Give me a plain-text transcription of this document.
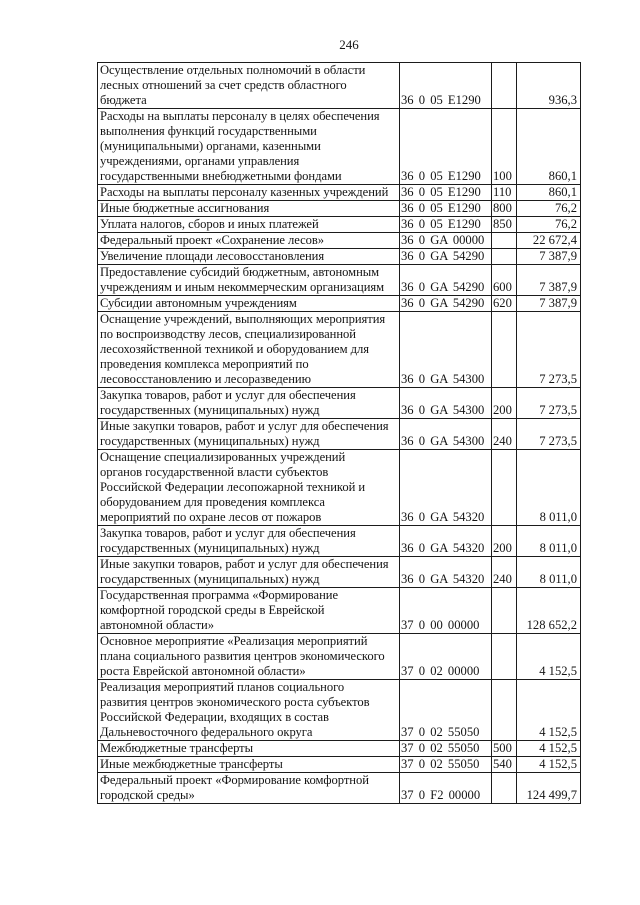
246
Осуществление отдельных полномочий в области
лесных отношений за счет средств областного
бюджета	36 0 05 E1290		936,3

Расходы на выплаты персоналу в целях обеспечения
выполнения функций государственными
(муниципальными) органами, казенными
учреждениями, органами управления
государственными внебюджетными фондами	36 0 05 E1290	100	860,1

Расходы на выплаты персоналу казенных учреждений	36 0 05 E1290	110	860,1

Иные бюджетные ассигнования	36 0 05 E1290	800	76,2

Уплата налогов, сборов и иных платежей	36 0 05 E1290	850	76,2

Федеральный проект «Сохранение лесов»	36 0 GA 00000		22 672,4

Увеличение площади лесовосстановления	36 0 GA 54290		7 387,9

Предоставление субсидий бюджетным, автономным
учреждениям и иным некоммерческим организациям	36 0 GA 54290	600	7 387,9

Субсидии автономным учреждениям	36 0 GA 54290	620	7 387,9

Оснащение учреждений, выполняющих мероприятия
по воспроизводству лесов, специализированной
лесохозяйственной техникой и оборудованием для
проведения комплекса мероприятий по
лесовосстановлению и лесоразведению	36 0 GA 54300		7 273,5

Закупка товаров, работ и услуг для обеспечения
государственных (муниципальных) нужд	36 0 GA 54300	200	7 273,5

Иные закупки товаров, работ и услуг для обеспечения
государственных (муниципальных) нужд	36 0 GA 54300	240	7 273,5

Оснащение специализированных учреждений
органов государственной власти субъектов
Российской Федерации лесопожарной техникой и
оборудованием для проведения комплекса
мероприятий по охране лесов от пожаров	36 0 GA 54320		8 011,0

Закупка товаров, работ и услуг для обеспечения
государственных (муниципальных) нужд	36 0 GA 54320	200	8 011,0

Иные закупки товаров, работ и услуг для обеспечения
государственных (муниципальных) нужд	36 0 GA 54320	240	8 011,0

Государственная программа «Формирование
комфортной городской среды в Еврейской
автономной области»	37 0 00 00000		128 652,2

Основное мероприятие «Реализация мероприятий
плана социального развития центров экономического
роста Еврейской автономной области»	37 0 02 00000		4 152,5

Реализация мероприятий планов социального
развития центров экономического роста субъектов
Российской Федерации, входящих в состав
Дальневосточного федерального округа	37 0 02 55050		4 152,5

Межбюджетные трансферты	37 0 02 55050	500	4 152,5

Иные межбюджетные трансферты	37 0 02 55050	540	4 152,5

Федеральный проект «Формирование комфортной
городской среды»	37 0 F2 00000		124 499,7
